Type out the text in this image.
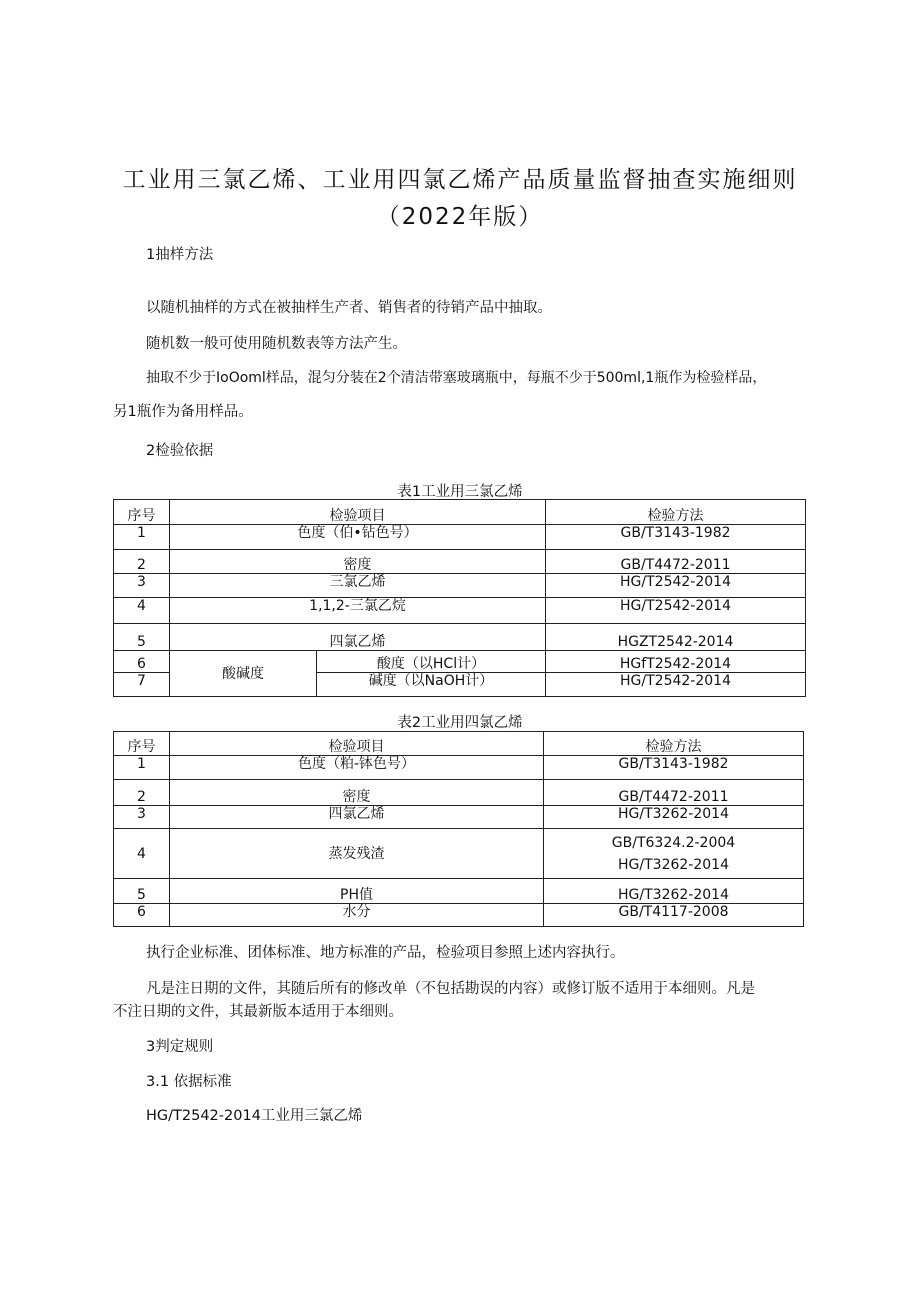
工业用三氯乙烯、工业用四氯乙烯产品质量监督抽查实施细则
（2022年版）
1抽样方法
以随机抽样的方式在被抽样生产者、销售者的待销产品中抽取。
随机数一般可使用随机数表等方法产生。
抽取不少于IoOoml样品，混匀分装在2个清洁带塞玻璃瓶中，每瓶不少于500ml,1瓶作为检验样品，
另1瓶作为备用样品。
2检验依据
表1工业用三氯乙烯
序号	检验项目		检验方法
1	色度（伯•钻色号）		GB/T3143-1982
2	密度		GB/T4472-2011
3	三氯乙烯		HG/T2542-2014
4	1,1,2-三氯乙烷		HG/T2542-2014
5	四氯乙烯		HGZT2542-2014
6	酸碱度	酸度（以HCl计）	HGfT2542-2014
7		碱度（以NaOH计）	HG/T2542-2014
表2工业用四氯乙烯
序号	检验项目	检验方法
1	色度（粕-钵色号）	GB/T3143-1982
2	密度	GB/T4472-2011
3	四氯乙烯	HG/T3262-2014
4	蒸发残渣	GB/T6324.2-2004
HG/T3262-2014

5	PH值	HG/T3262-2014
6	水分	GB/T4117-2008
执行企业标准、团体标准、地方标准的产品，检验项目参照上述内容执行。
凡是注日期的文件，其随后所有的修改单（不包括勘误的内容）或修订版不适用于本细则。凡是
不注日期的文件，其最新版本适用于本细则。
3判定规则
3.1 依据标准
HG/T2542-2014工业用三氯乙烯
